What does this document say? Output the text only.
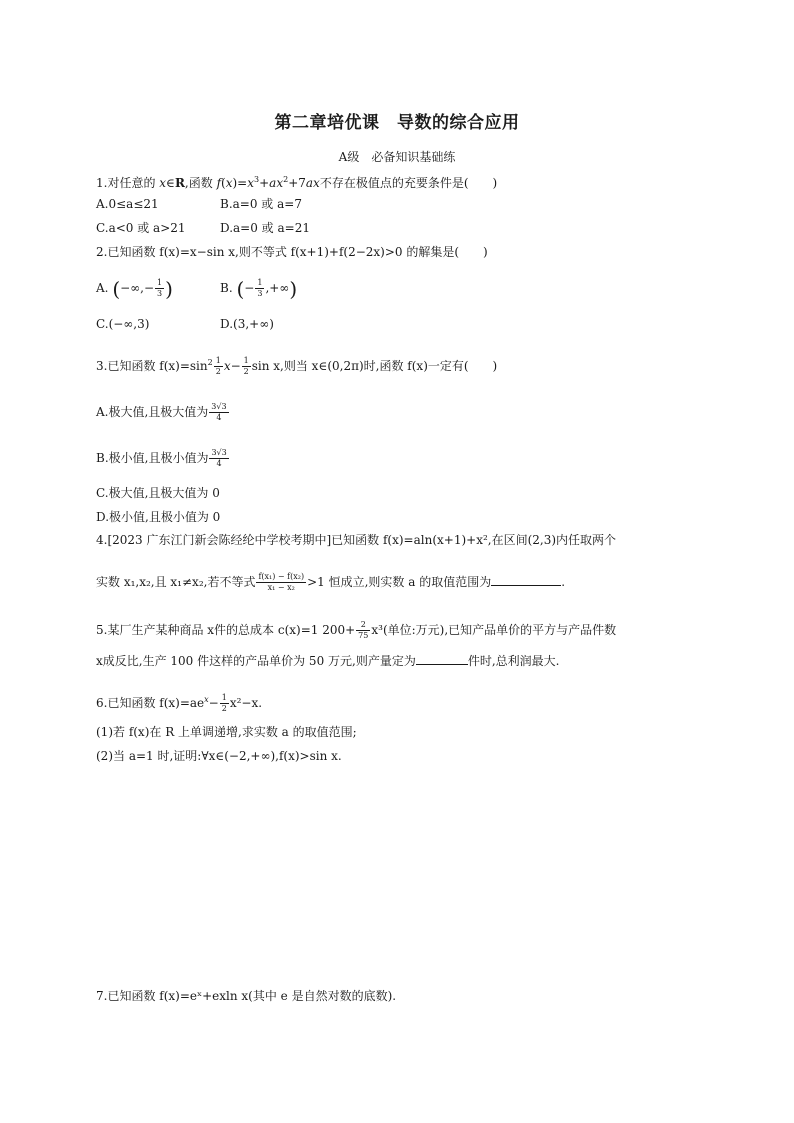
第二章培优课　导数的综合应用
A级　必备知识基础练
1.对任意的 x∈R,函数 $f(x)=x^3+ax^2+7ax$不存在极值点的充要条件是(　　)
A.0≤a≤21	B.a=0 或 a=7
C.a<0 或 a>21	D.a=0 或 a=21
2.已知函数 f(x)=x−sin x,则不等式 f(x+1)+f(2−2x)>0 的解集是(　　)
A. (−∞,− $\frac{1}{3}$ )	B. (− $\frac{1}{3}$ ,+∞)
C.(−∞,3)	D.(3,+∞)
3.已知函数 $f(x)=\sin^2 \frac{1}{2} x- \frac{1}{2}$ sin x,则当 x∈(0,2π)时,函数 f(x)一定有(　　)
A.极大值,且极大值为 $\frac{3√3}{4}$
B.极小值,且极小值为 $\frac{3√3}{4}$
C.极大值,且极大值为 0
D.极小值,且极小值为 0
4.[2023 广东江门新会陈经纶中学校考期中]已知函数 f(x)=aln(x+1)+x²,在区间(2,3)内任取两个
实数 x₁,x₂,且 x₁≠x₂,若不等式 $\frac{\text{f(x₁) − f(x₂)}}{\text{x₁ − x₂}} >1$ 恒成立,则实数 a 的取值范围为	.
5.某厂生产某种商品 x件的总成本 c(x)=1 $200+ \frac{2}{75} x^3$(单位:万元),已知产品单价的平方与产品件数
x成反比,生产 100 件这样的产品单价为 50 万元,则产量定为	件时,总利润最大.
6.已知函数 $f(x)=ae^x- \frac{1}{2} x^2-x$.
(1)若 f(x)在 R 上单调递增,求实数 a 的取值范围;
(2)当 a=1 时,证明:∀x∈(−2,+∞),f(x)>sin x.
7.已知函数 f(x)=eˣ+exln x(其中 e 是自然对数的底数).
